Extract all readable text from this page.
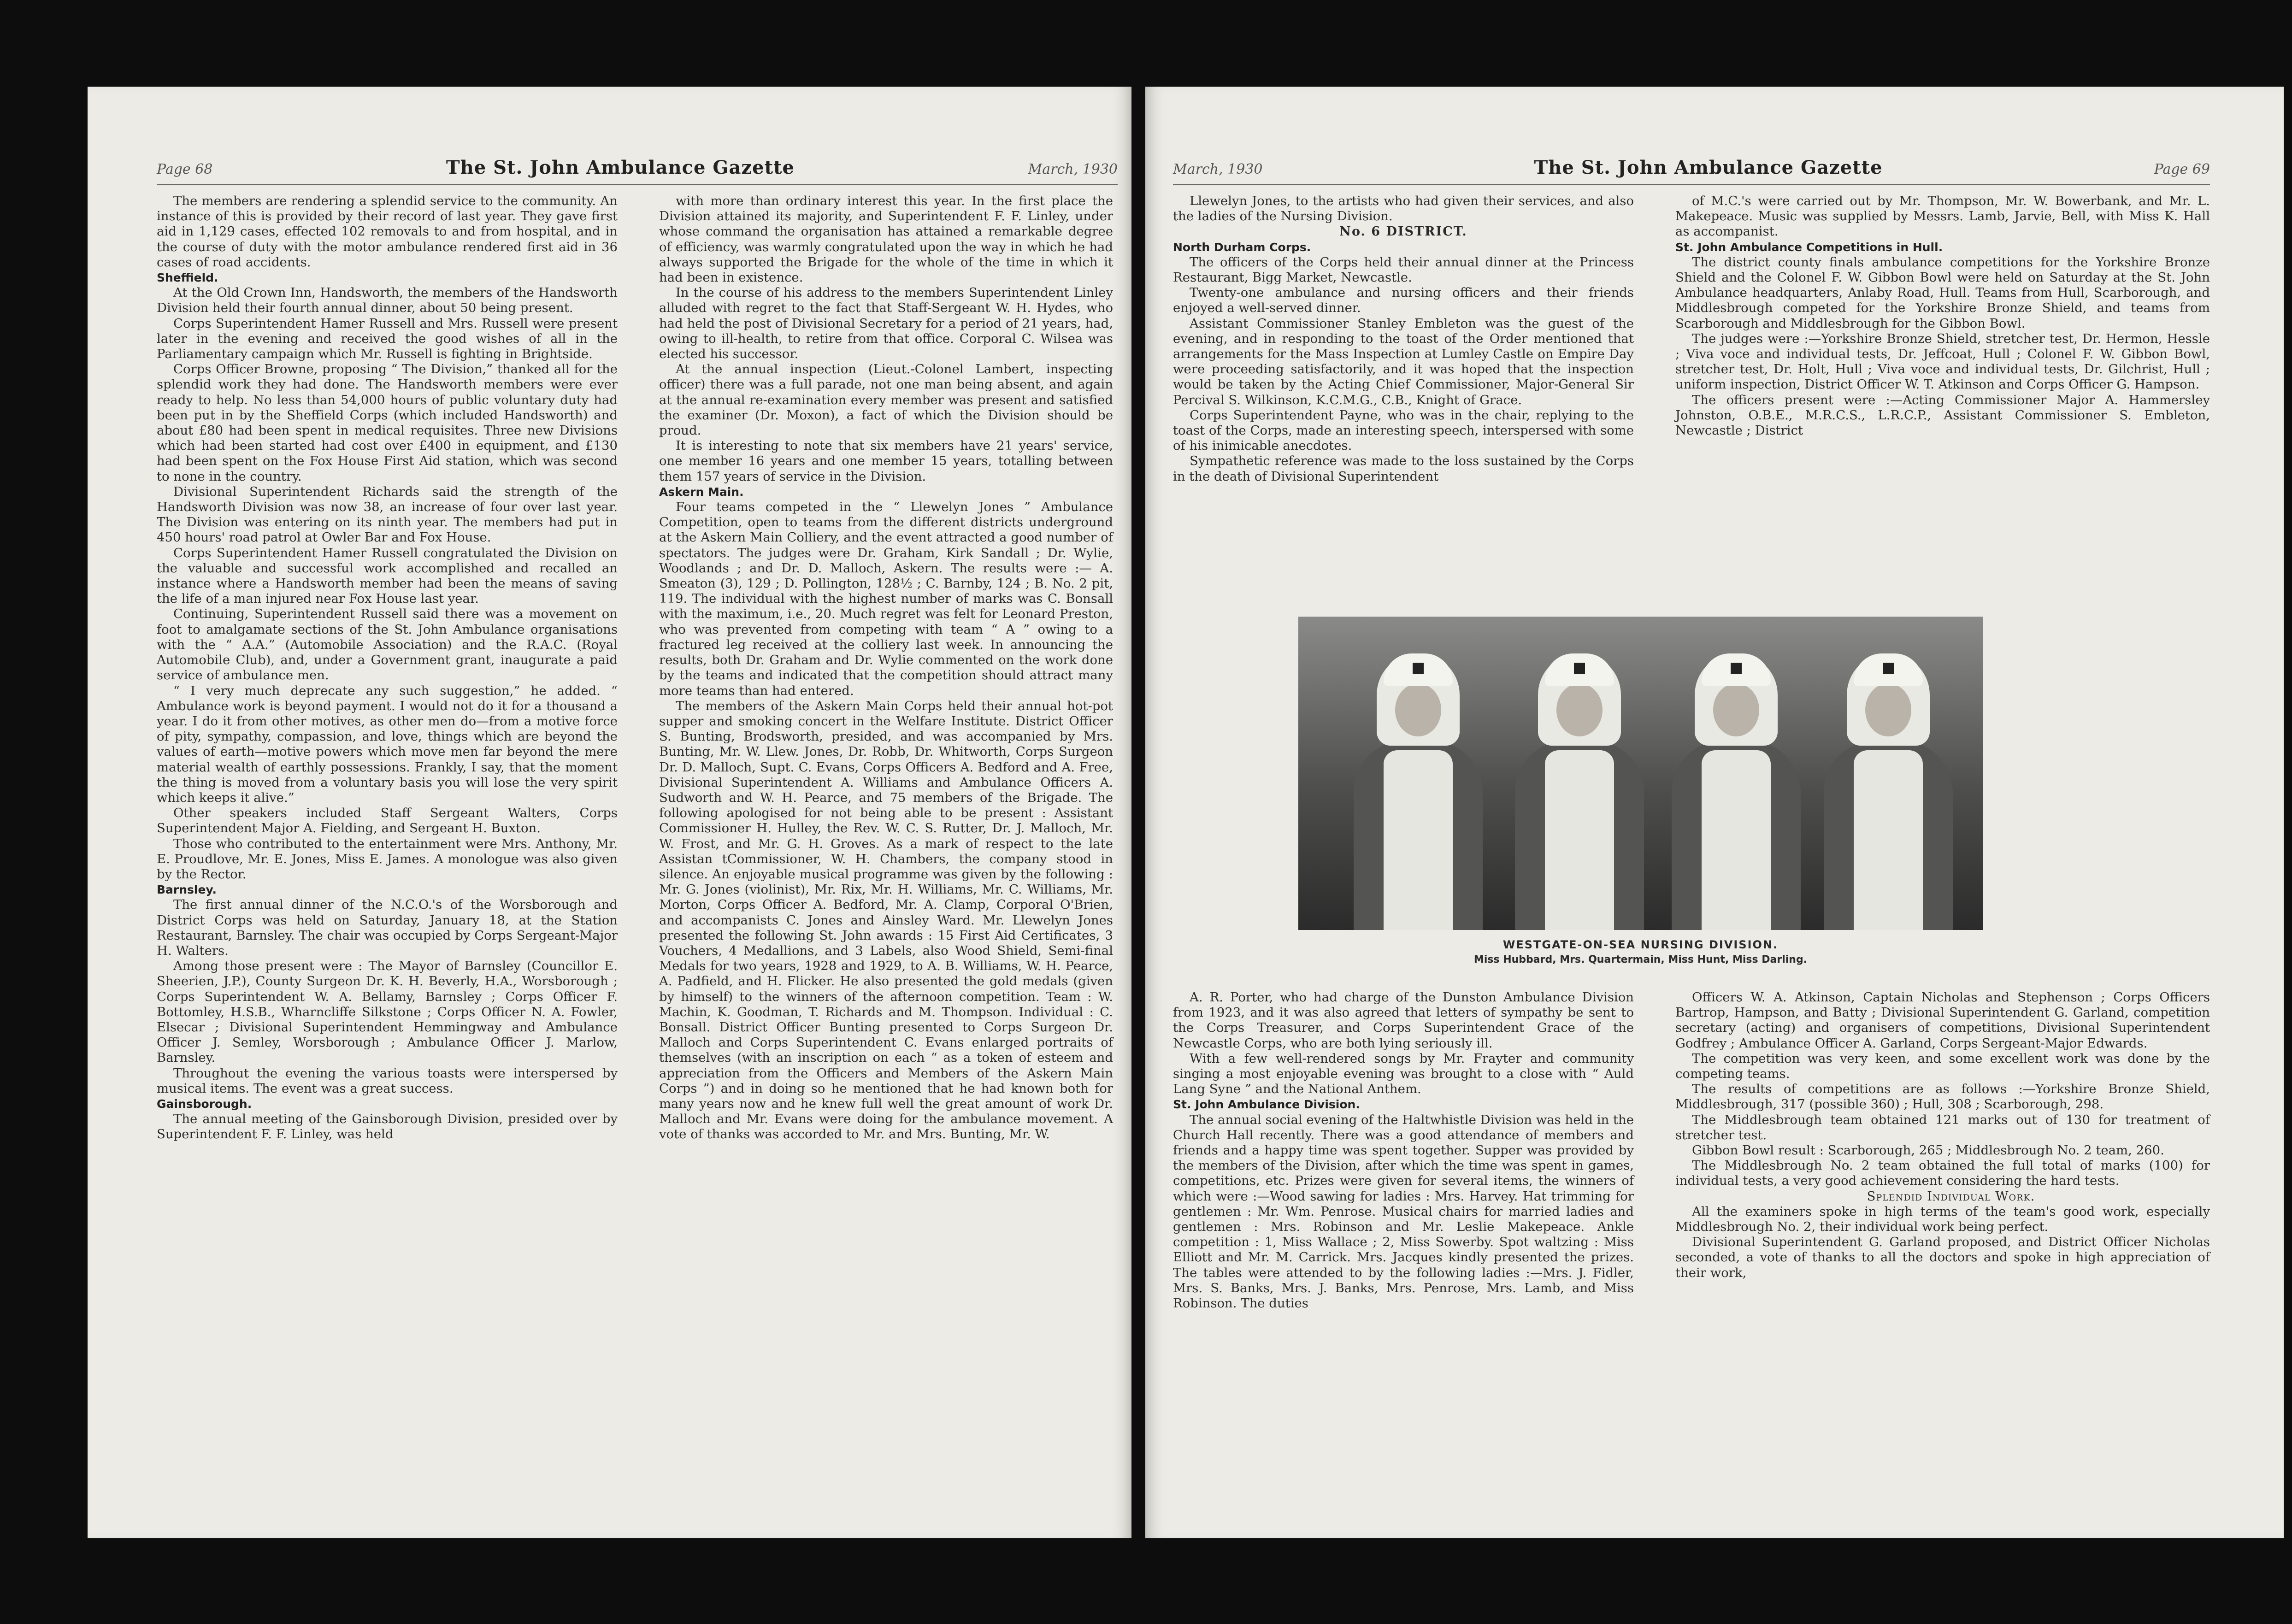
Page 68	The St. John Ambulance Gazette	March, 1930

The members are rendering a splendid service to the community. An instance of this is provided by their record of last year. They gave first aid in 1,129 cases, effected 102 removals to and from hospital, and in the course of duty with the motor ambulance rendered first aid in 36 cases of road accidents.

Sheffield.

At the Old Crown Inn, Handsworth, the members of the Handsworth Division held their fourth annual dinner, about 50 being present.

Corps Superintendent Hamer Russell and Mrs. Russell were present later in the evening and received the good wishes of all in the Parliamentary campaign which Mr. Russell is fighting in Brightside.

Corps Officer Browne, proposing “ The Division,” thanked all for the splendid work they had done. The Handsworth members were ever ready to help. No less than 54,000 hours of public voluntary duty had been put in by the Sheffield Corps (which included Handsworth) and about £80 had been spent in medical requisites. Three new Divisions which had been started had cost over £400 in equipment, and £130 had been spent on the Fox House First Aid station, which was second to none in the country.

Divisional Superintendent Richards said the strength of the Handsworth Division was now 38, an increase of four over last year. The Division was entering on its ninth year. The members had put in 450 hours' road patrol at Owler Bar and Fox House.

Corps Superintendent Hamer Russell congratulated the Division on the valuable and successful work accomplished and recalled an instance where a Handsworth member had been the means of saving the life of a man injured near Fox House last year.

Continuing, Superintendent Russell said there was a movement on foot to amalgamate sections of the St. John Ambulance organisations with the “ A.A.” (Automobile Association) and the R.A.C. (Royal Automobile Club), and, under a Government grant, inaugurate a paid service of ambulance men.

“ I very much deprecate any such suggestion,” he added. “ Ambulance work is beyond payment. I would not do it for a thousand a year. I do it from other motives, as other men do—from a motive force of pity, sympathy, compassion, and love, things which are beyond the values of earth—motive powers which move men far beyond the mere material wealth of earthly possessions. Frankly, I say, that the moment the thing is moved from a voluntary basis you will lose the very spirit which keeps it alive.”

Other speakers included Staff Sergeant Walters, Corps Superintendent Major A. Fielding, and Sergeant H. Buxton.

Those who contributed to the entertainment were Mrs. Anthony, Mr. E. Proudlove, Mr. E. Jones, Miss E. James. A monologue was also given by the Rector.

Barnsley.

The first annual dinner of the N.C.O.'s of the Worsborough and District Corps was held on Saturday, January 18, at the Station Restaurant, Barnsley. The chair was occupied by Corps Sergeant-Major H. Walters.

Among those present were : The Mayor of Barnsley (Councillor E. Sheerien, J.P.), County Surgeon Dr. K. H. Beverly, H.A., Worsborough ; Corps Superintendent W. A. Bellamy, Barnsley ; Corps Officer F. Bottomley, H.S.B., Wharncliffe Silkstone ; Corps Officer N. A. Fowler, Elsecar ; Divisional Superintendent Hemmingway and Ambulance Officer J. Semley, Worsborough ; Ambulance Officer J. Marlow, Barnsley.

Throughout the evening the various toasts were interspersed by musical items. The event was a great success.

Gainsborough.

The annual meeting of the Gainsborough Division, presided over by Superintendent F. F. Linley, was held

with more than ordinary interest this year. In the first place the Division attained its majority, and Superintendent F. F. Linley, under whose command the organisation has attained a remarkable degree of efficiency, was warmly congratulated upon the way in which he had always supported the Brigade for the whole of the time in which it had been in existence.

In the course of his address to the members Superintendent Linley alluded with regret to the fact that Staff-Sergeant W. H. Hydes, who had held the post of Divisional Secretary for a period of 21 years, had, owing to ill-health, to retire from that office. Corporal C. Wilsea was elected his successor.

At the annual inspection (Lieut.-Colonel Lambert, inspecting officer) there was a full parade, not one man being absent, and again at the annual re-examination every member was present and satisfied the examiner (Dr. Moxon), a fact of which the Division should be proud.

It is interesting to note that six members have 21 years' service, one member 16 years and one member 15 years, totalling between them 157 years of service in the Division.

Askern Main.

Four teams competed in the “ Llewelyn Jones ” Ambulance Competition, open to teams from the different districts underground at the Askern Main Colliery, and the event attracted a good number of spectators. The judges were Dr. Graham, Kirk Sandall ; Dr. Wylie, Woodlands ; and Dr. D. Malloch, Askern. The results were :— A. Smeaton (3), 129 ; D. Pollington, 128½ ; C. Barnby, 124 ; B. No. 2 pit, 119. The individual with the highest number of marks was C. Bonsall with the maximum, i.e., 20. Much regret was felt for Leonard Preston, who was prevented from competing with team “ A ” owing to a fractured leg received at the colliery last week. In announcing the results, both Dr. Graham and Dr. Wylie commented on the work done by the teams and indicated that the competition should attract many more teams than had entered.

The members of the Askern Main Corps held their annual hot-pot supper and smoking concert in the Welfare Institute. District Officer S. Bunting, Brodsworth, presided, and was accompanied by Mrs. Bunting, Mr. W. Llew. Jones, Dr. Robb, Dr. Whitworth, Corps Surgeon Dr. D. Malloch, Supt. C. Evans, Corps Officers A. Bedford and A. Free, Divisional Superintendent A. Williams and Ambulance Officers A. Sudworth and W. H. Pearce, and 75 members of the Brigade. The following apologised for not being able to be present : Assistant Commissioner H. Hulley, the Rev. W. C. S. Rutter, Dr. J. Malloch, Mr. W. Frost, and Mr. G. H. Groves. As a mark of respect to the late Assistan tCommissioner, W. H. Chambers, the company stood in silence. An enjoyable musical programme was given by the following : Mr. G. Jones (violinist), Mr. Rix, Mr. H. Williams, Mr. C. Williams, Mr. Morton, Corps Officer A. Bedford, Mr. A. Clamp, Corporal O'Brien, and accompanists C. Jones and Ainsley Ward. Mr. Llewelyn Jones presented the following St. John awards : 15 First Aid Certificates, 3 Vouchers, 4 Medallions, and 3 Labels, also Wood Shield, Semi-final Medals for two years, 1928 and 1929, to A. B. Williams, W. H. Pearce, A. Padfield, and H. Flicker. He also presented the gold medals (given by himself) to the winners of the afternoon competition. Team : W. Machin, K. Goodman, T. Richards and M. Thompson. Individual : C. Bonsall. District Officer Bunting presented to Corps Surgeon Dr. Malloch and Corps Superintendent C. Evans enlarged portraits of themselves (with an inscription on each “ as a token of esteem and appreciation from the Officers and Members of the Askern Main Corps ”) and in doing so he mentioned that he had known both for many years now and he knew full well the great amount of work Dr. Malloch and Mr. Evans were doing for the ambulance movement. A vote of thanks was accorded to Mr. and Mrs. Bunting, Mr. W.

March, 1930	The St. John Ambulance Gazette	Page 69

Llewelyn Jones, to the artists who had given their services, and also the ladies of the Nursing Division.

No. 6 DISTRICT.
North Durham Corps.

The officers of the Corps held their annual dinner at the Princess Restaurant, Bigg Market, Newcastle.

Twenty-one ambulance and nursing officers and their friends enjoyed a well-served dinner.

Assistant Commissioner Stanley Embleton was the guest of the evening, and in responding to the toast of the Order mentioned that arrangements for the Mass Inspection at Lumley Castle on Empire Day were proceeding satisfactorily, and it was hoped that the inspection would be taken by the Acting Chief Commissioner, Major-General Sir Percival S. Wilkinson, K.C.M.G., C.B., Knight of Grace.

Corps Superintendent Payne, who was in the chair, replying to the toast of the Corps, made an interesting speech, interspersed with some of his inimicable anecdotes.

Sympathetic reference was made to the loss sustained by the Corps in the death of Divisional Superintendent

of M.C.'s were carried out by Mr. Thompson, Mr. W. Bowerbank, and Mr. L. Makepeace. Music was supplied by Messrs. Lamb, Jarvie, Bell, with Miss K. Hall as accompanist.

St. John Ambulance Competitions in Hull.

The district county finals ambulance competitions for the Yorkshire Bronze Shield and the Colonel F. W. Gibbon Bowl were held on Saturday at the St. John Ambulance headquarters, Anlaby Road, Hull. Teams from Hull, Scarborough, and Middlesbrough competed for the Yorkshire Bronze Shield, and teams from Scarborough and Middlesbrough for the Gibbon Bowl.

The judges were :—Yorkshire Bronze Shield, stretcher test, Dr. Hermon, Hessle ; Viva voce and individual tests, Dr. Jeffcoat, Hull ; Colonel F. W. Gibbon Bowl, stretcher test, Dr. Holt, Hull ; Viva voce and individual tests, Dr. Gilchrist, Hull ; uniform inspection, District Officer W. T. Atkinson and Corps Officer G. Hampson.

The officers present were :—Acting Commissioner Major A. Hammersley Johnston, O.B.E., M.R.C.S., L.R.C.P., Assistant Commissioner S. Embleton, Newcastle ; District

WESTGATE-ON-SEA NURSING DIVISION.
Miss Hubbard, Mrs. Quartermain, Miss Hunt, Miss Darling.

A. R. Porter, who had charge of the Dunston Ambulance Division from 1923, and it was also agreed that letters of sympathy be sent to the Corps Treasurer, and Corps Superintendent Grace of the Newcastle Corps, who are both lying seriously ill.

With a few well-rendered songs by Mr. Frayter and community singing a most enjoyable evening was brought to a close with “ Auld Lang Syne ” and the National Anthem.

St. John Ambulance Division.

The annual social evening of the Haltwhistle Division was held in the Church Hall recently. There was a good attendance of members and friends and a happy time was spent together. Supper was provided by the members of the Division, after which the time was spent in games, competitions, etc. Prizes were given for several items, the winners of which were :—Wood sawing for ladies : Mrs. Harvey. Hat trimming for gentlemen : Mr. Wm. Penrose. Musical chairs for married ladies and gentlemen : Mrs. Robinson and Mr. Leslie Makepeace. Ankle competition : 1, Miss Wallace ; 2, Miss Sowerby. Spot waltzing : Miss Elliott and Mr. M. Carrick. Mrs. Jacques kindly presented the prizes. The tables were attended to by the following ladies :—Mrs. J. Fidler, Mrs. S. Banks, Mrs. J. Banks, Mrs. Penrose, Mrs. Lamb, and Miss Robinson. The duties

Officers W. A. Atkinson, Captain Nicholas and Stephenson ; Corps Officers Bartrop, Hampson, and Batty ; Divisional Superintendent G. Garland, competition secretary (acting) and organisers of competitions, Divisional Superintendent Godfrey ; Ambulance Officer A. Garland, Corps Sergeant-Major Edwards.

The competition was very keen, and some excellent work was done by the competing teams.

The results of competitions are as follows :—Yorkshire Bronze Shield, Middlesbrough, 317 (possible 360) ; Hull, 308 ; Scarborough, 298.

The Middlesbrough team obtained 121 marks out of 130 for treatment of stretcher test.

Gibbon Bowl result : Scarborough, 265 ; Middlesbrough No. 2 team, 260.

The Middlesbrough No. 2 team obtained the full total of marks (100) for individual tests, a very good achievement considering the hard tests.

Splendid Individual Work.

All the examiners spoke in high terms of the team's good work, especially Middlesbrough No. 2, their individual work being perfect.

Divisional Superintendent G. Garland proposed, and District Officer Nicholas seconded, a vote of thanks to all the doctors and spoke in high appreciation of their work,
